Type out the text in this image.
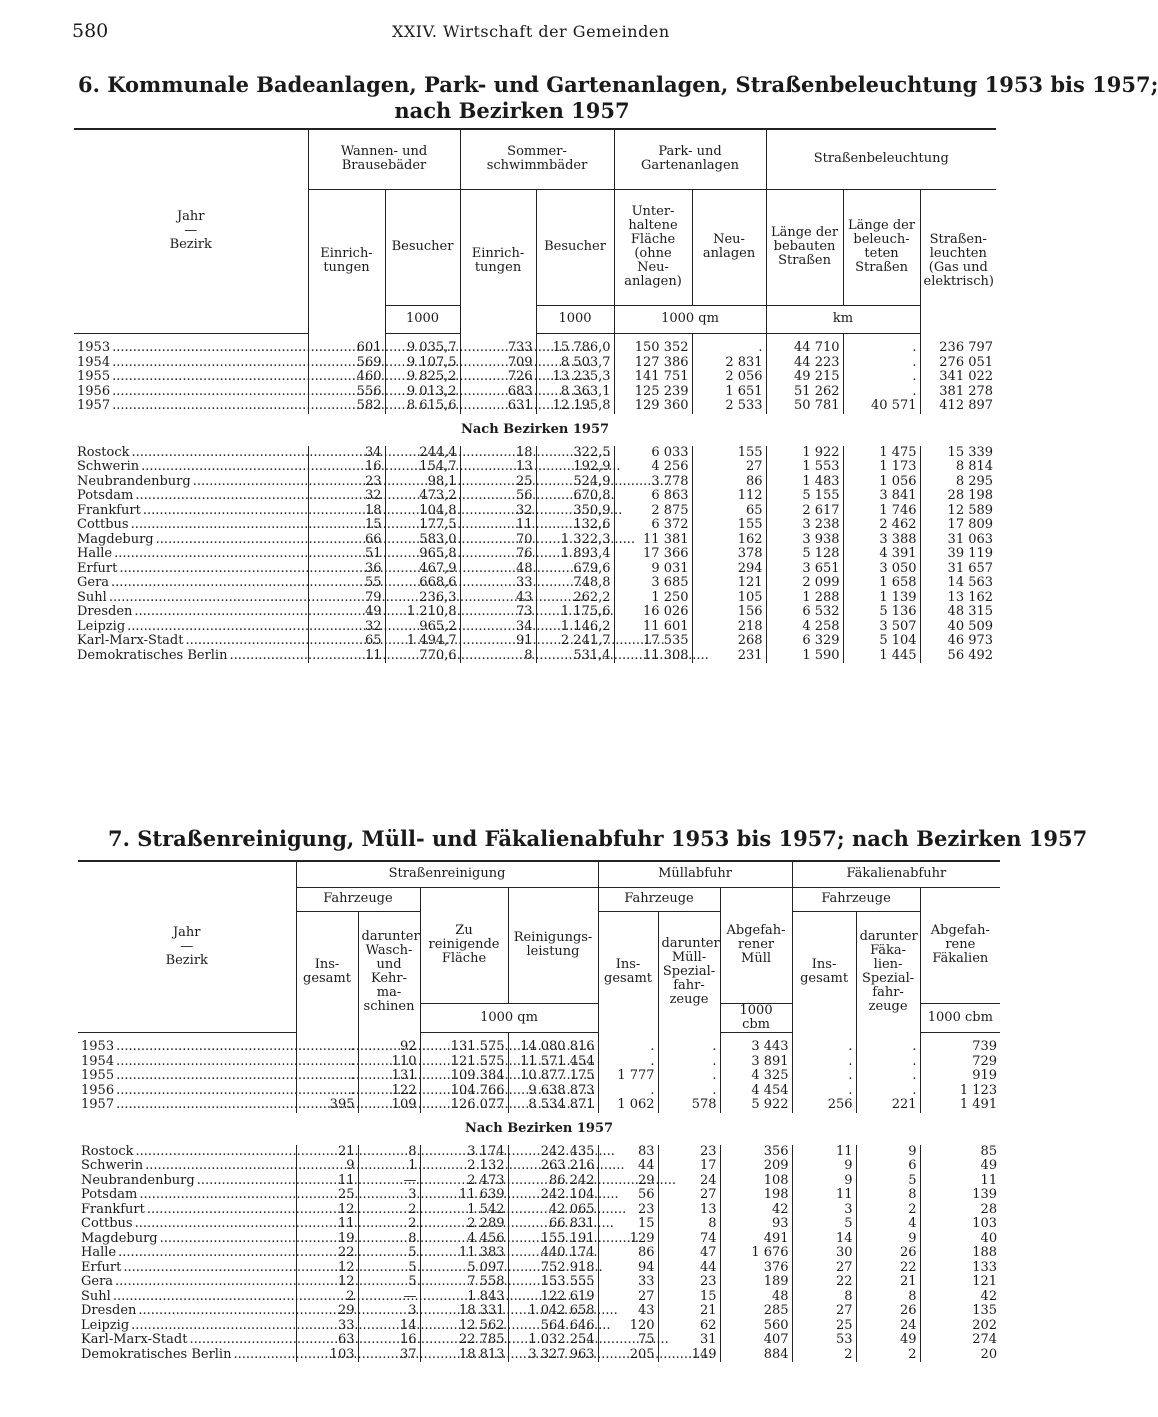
580	XXIV. Wirtschaft der Gemeinden
6. Kommunale Badeanlagen, Park- und Gartenanlagen, Straßenbeleuchtung 1953 bis 1957;
nach Bezirken 1957
Jahr
—
Bezirk	Wannen- und Brausebäder		Sommer- schwimmbäder		Park- und Gartenanlagen		Straßenbeleuchtung		
	Einrich- tungen	Besucher	Einrich- tungen	Besucher	Unter- haltene Fläche (ohne Neu- anlagen)	Neu- anlagen	Länge der bebauten Straßen	Länge der beleuch- teten Straßen	Straßen- leuchten (Gas und elektrisch)
		1000		1000	1000 qm		km		

1953
.....	601	9 035,7	733	15 786,0	150 352	.	44 710	.	236 797

1954
.....	569	9 107,5	709	8 503,7	127 386	2 831	44 223	.	276 051

1955
.....	460	9 825,2	726	13 235,3	141 751	2 056	49 215	.	341 022

1956
.....	556	9 013,2	683	8 363,1	125 239	1 651	51 262	.	381 278

1957
.....	582	8 615,6	631	12 195,8	129 360	2 533	50 781	40 571	412 897
Nach Bezirken 1957									

Rostock
.....	34	244,4	18	322,5	6 033	155	1 922	1 475	15 339

Schwerin
.....	16	154,7	13	192,9	4 256	27	1 553	1 173	8 814

Neubrandenburg
.....	23	98,1	25	524,9	3 778	86	1 483	1 056	8 295

Potsdam
.....	32	473,2	56	670,8	6 863	112	5 155	3 841	28 198

Frankfurt
.....	18	104,8	32	350,9	2 875	65	2 617	1 746	12 589

Cottbus
.....	15	177,5	11	132,6	6 372	155	3 238	2 462	17 809

Magdeburg
.....	66	583,0	70	1 322,3	11 381	162	3 938	3 388	31 063

Halle
.....	51	965,8	76	1 893,4	17 366	378	5 128	4 391	39 119

Erfurt
.....	36	467,9	48	679,6	9 031	294	3 651	3 050	31 657

Gera
.....	55	668,6	33	748,8	3 685	121	2 099	1 658	14 563

Suhl
.....	79	236,3	43	262,2	1 250	105	1 288	1 139	13 162

Dresden
.....	49	1 210,8	73	1 175,6	16 026	156	6 532	5 136	48 315

Leipzig
.....	32	965,2	34	1 146,2	11 601	218	4 258	3 507	40 509

Karl-Marx-Stadt
.....	65	1 494,7	91	2 241,7	17 535	268	6 329	5 104	46 973

Demokratisches Berlin
.....	11	770,6	8	531,4	11 308	231	1 590	1 445	56 492
7. Straßenreinigung, Müll- und Fäkalienabfuhr 1953 bis 1957; nach Bezirken 1957
Jahr
—
Bezirk	Straßenreinigung				Müllabfuhr			Fäkalienabfuhr		
	Fahrzeuge		Zu reinigende Fläche	Reinigungs- leistung	Fahrzeuge		Abgefah- rener Müll	Fahrzeuge		Abgefah- rene Fäkalien
	Ins- gesamt	darunter Wasch- und Kehr- ma- schinen			Ins- gesamt	darunter Müll- Spezial- fahr- zeuge		Ins- gesamt	darunter Fäka- lien- Spezial- fahr- zeuge	
			1000 qm				1000 cbm			1000 cbm

1953
.....	.	92	131 575	14 080 816	.	.	3 443	.	.	739

1954
.....	.	110	121 575	11 571 454	.	.	3 891	.	.	729

1955
.....	.	131	109 384	10 877 175	1 777	.	4 325	.	.	919

1956
.....	.	122	104 766	9 638 873	.	.	4 454	.	.	1 123

1957
.....	395	109	126 077	8 534 871	1 062	578	5 922	256	221	1 491
Nach Bezirken 1957										

Rostock
.....	21	8	3 174	242 435	83	23	356	11	9	85

Schwerin
.....	9	1	2 132	263 216	44	17	209	9	6	49

Neubrandenburg
.....	11	—	2 473	86 242	29	24	108	9	5	11

Potsdam
.....	25	3	11 639	242 104	56	27	198	11	8	139

Frankfurt
.....	12	2	1 542	42 065	23	13	42	3	2	28

Cottbus
.....	11	2	2 289	66 831	15	8	93	5	4	103

Magdeburg
.....	19	8	4 456	155 191	129	74	491	14	9	40

Halle
.....	22	5	11 383	440 174	86	47	1 676	30	26	188

Erfurt
.....	12	5	5 097	752 918	94	44	376	27	22	133

Gera
.....	12	5	7 558	153 555	33	23	189	22	21	121

Suhl
.....	2	—	1 843	122 619	27	15	48	8	8	42

Dresden
.....	29	3	18 331	1 042 658	43	21	285	27	26	135

Leipzig
.....	33	14	12 562	564 646	120	62	560	25	24	202

Karl-Marx-Stadt
.....	63	16	22 785	1 032 254	75	31	407	53	49	274

Demokratisches Berlin
.....	103	37	18 813	3 327 963	205	149	884	2	2	20
